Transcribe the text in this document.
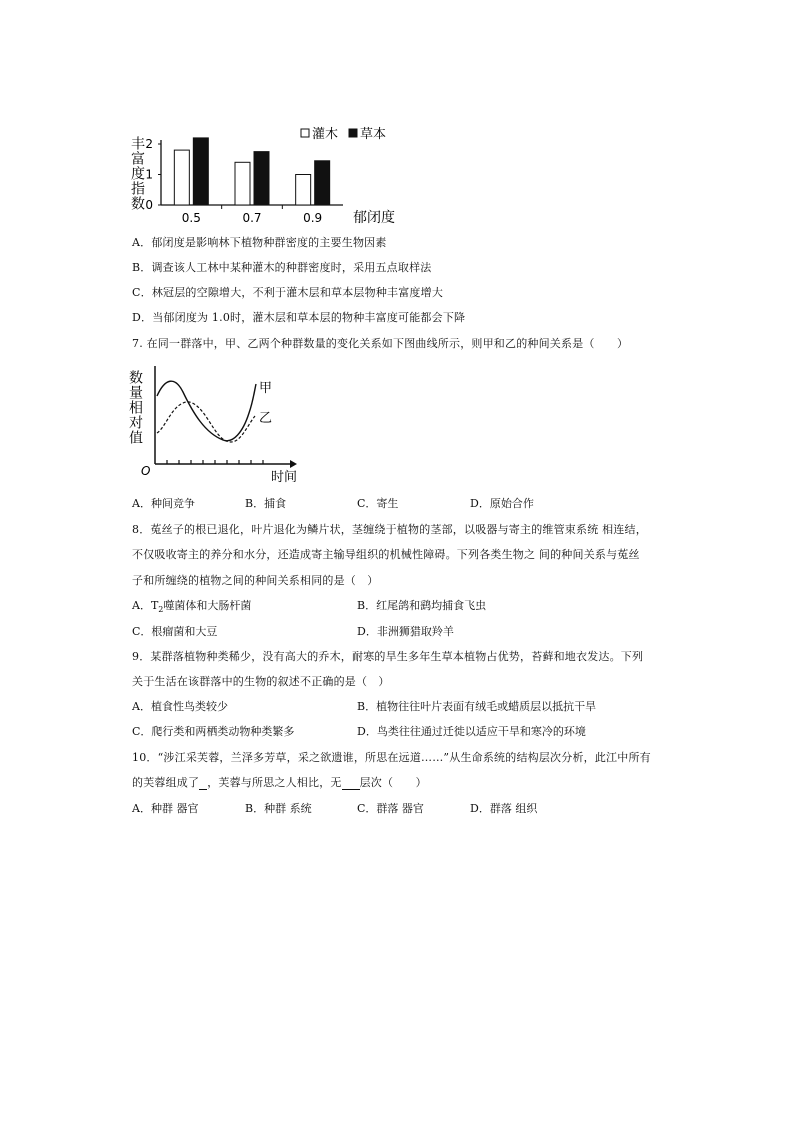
丰富度指数 0
1
2
0.5	0.7	0.9 郁闭度
灌木 草本
A．郁闭度是影响林下植物种群密度的主要生物因素
B．调查该人工林中某种灌木的种群密度时，采用五点取样法
C．林冠层的空隙增大，不利于灌木层和草本层物种丰富度增大
D．当郁闭度为 1.0时，灌木层和草本层的物种丰富度可能都会下降
7. 在同一群落中，甲、乙两个种群数量的变化关系如下图曲线所示，则甲和乙的种间关系是（　　）
数量相对值	甲
乙
O	时间
A．种间竞争	B．捕食	C．寄生	D．原始合作
8．菟丝子的根已退化，叶片退化为鳞片状，茎缠绕于植物的茎部，以吸器与寄主的维管束系统 相连结，
不仅吸收寄主的养分和水分，还造成寄主输导组织的机械性障碍。下列各类生物之 间的种间关系与菟丝
子和所缠绕的植物之间的种间关系相同的是（　）
A．$T_2$噬菌体和大肠杆菌	B．红尾鸽和鹞均捕食飞虫
C．根瘤菌和大豆	D．非洲狮猎取羚羊
9．某群落植物种类稀少，没有高大的乔木，耐寒的旱生多年生草本植物占优势，苔藓和地衣发达。下列
关于生活在该群落中的生物的叙述不正确的是（　）
A．植食性鸟类较少	B．植物往往叶片表面有绒毛或蜡质层以抵抗干旱
C．爬行类和两栖类动物种类繁多	D．鸟类往往通过迁徙以适应干旱和寒冷的环境
10．“涉江采芙蓉，兰泽多芳草，采之欲遗谁，所思在远道……”从生命系统的结构层次分析，此江中所有
的芙蓉组成了 ，芙蓉与所思之人相比，无 层次（　　）
A．种群 器官	B．种群 系统	C．群落 器官	D．群落 组织
